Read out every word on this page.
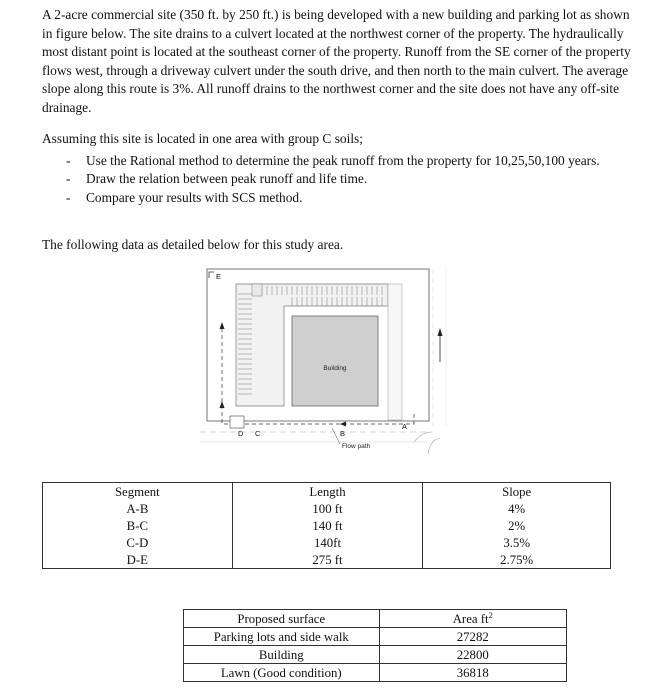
A 2-acre commercial site (350 ft. by 250 ft.) is being developed with a new building and parking lot as shown in figure below. The site drains to a culvert located at the northwest corner of the property. The hydraulically most distant point is located at the southeast corner of the property. Runoff from the SE corner of the property flows west, through a driveway culvert under the south drive, and then north to the main culvert. The average slope along this route is 3%. All runoff drains to the northwest corner and the site does not have any off-site drainage.

Assuming this site is located in one area with group C soils;

- Use the Rational method to determine the peak runoff from the property for 10,25,50,100 years.
- Draw the relation between peak runoff and life time.
- Compare your results with SCS method.

The following data as detailed below for this study area.

E
Building
D C	B
A
Flow path
Segment	Length	Slope
A-B	100 ft	4%
B-C	140 ft	2%
C-D	140ft	3.5%
D-E	275 ft	2.75%
Proposed surface	Area $ft^2$
Parking lots and side walk	27282
Building	22800
Lawn (Good condition)	36818
